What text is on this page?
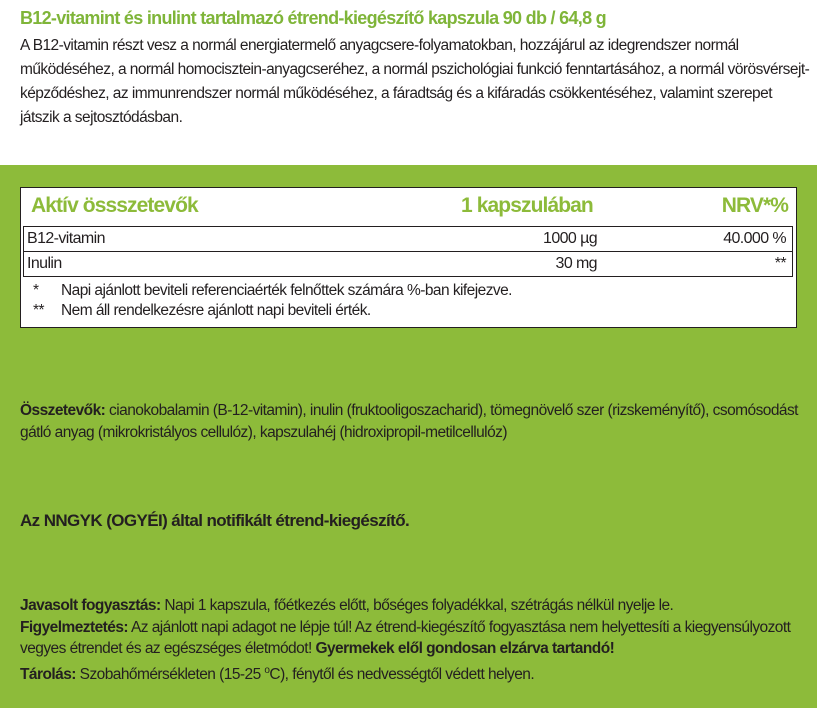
B12-vitamint és inulint tartalmazó étrend-kiegészítő kapszula 90 db / 64,8 g
A B12-vitamin részt vesz a normál energiatermelő anyagcsere-folyamatokban, hozzájárul az idegrendszer normál működéséhez, a normál homocisztein-anyagcseréhez, a normál pszichológiai funkció fenntartásához, a normál vörösvérsejt-képződéshez, az immunrendszer normál működéséhez, a fáradtság és a kifáradás csökkentéséhez, valamint szerepet játszik a sejtosztódásban.
Aktív össszetevők	1 kapszulában	NRV*%
B12-vitamin	1000 µg	40.000 %
Inulin	30 mg	**
* Napi ajánlott beviteli referenciaérték felnőttek számára %-ban kifejezve.
** Nem áll rendelkezésre ajánlott napi beviteli érték.
Összetevők: cianokobalamin (B-12-vitamin), inulin (fruktooligoszacharid), tömegnövelő szer (rizskeményítő), csomósodást gátló anyag (mikrokristályos cellulóz), kapszulahéj (hidroxipropil-metilcellulóz)
Az NNGYK (OGYÉI) által notifikált étrend-kiegészítő.
Javasolt fogyasztás: Napi 1 kapszula, főétkezés előtt, bőséges folyadékkal, szétrágás nélkül nyelje le.
Figyelmeztetés: Az ajánlott napi adagot ne lépje túl! Az étrend-kiegészítő fogyasztása nem helyettesíti a kiegyensúlyozott vegyes étrendet és az egészséges életmódot! Gyermekek elől gondosan elzárva tartandó!
Tárolás: Szobahőmérsékleten (15-25 $^o$C), fénytől és nedvességtől védett helyen.
